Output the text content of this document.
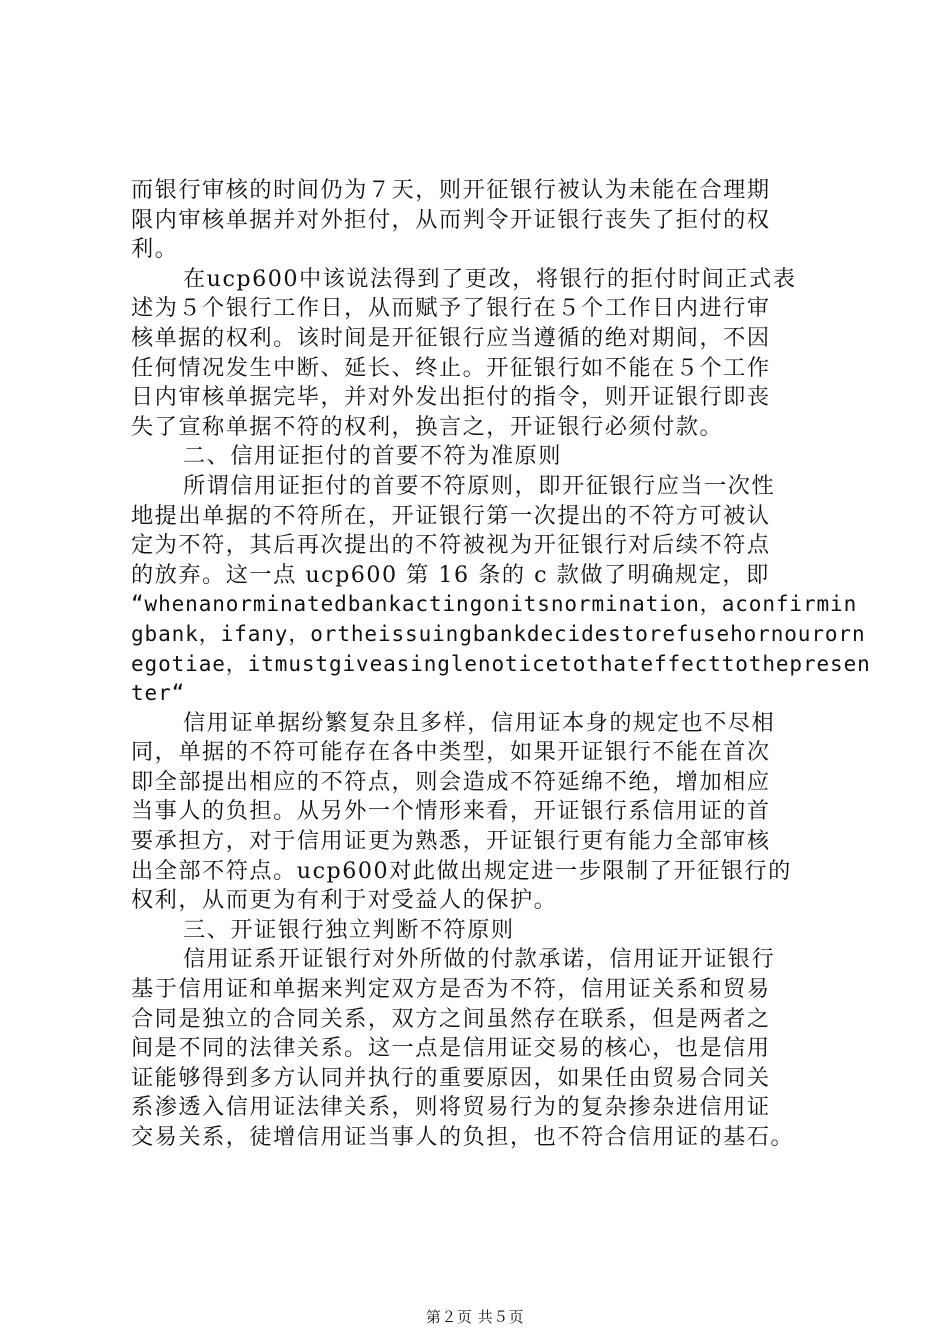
而银行审核的时间仍为７天，则开征银行被认为未能在合理期
限内审核单据并对外拒付，从而判令开证银行丧失了拒付的权
利。
在ucp600中该说法得到了更改，将银行的拒付时间正式表
述为５个银行工作日，从而赋予了银行在５个工作日内进行审
核单据的权利。该时间是开征银行应当遵循的绝对期间，不因
任何情况发生中断、延长、终止。开征银行如不能在５个工作
日内审核单据完毕，并对外发出拒付的指令，则开证银行即丧
失了宣称单据不符的权利，换言之，开证银行必须付款。
二、信用证拒付的首要不符为准原则
所谓信用证拒付的首要不符原则，即开征银行应当一次性
地提出单据的不符所在，开证银行第一次提出的不符方可被认
定为不符，其后再次提出的不符被视为开征银行对后续不符点
的放弃。这一点 ucp600 第 16 条的 c 款做了明确规定，即
“whenanorminatedbankactingonitsnormination，aconfirmin
gbank，ifany，ortheissuingbankdecidestorefusehornourorn
egotiae，itmustgiveasinglenoticetothateffecttothepresen
ter“
信用证单据纷繁复杂且多样，信用证本身的规定也不尽相
同，单据的不符可能存在各中类型，如果开证银行不能在首次
即全部提出相应的不符点，则会造成不符延绵不绝，增加相应
当事人的负担。从另外一个情形来看，开证银行系信用证的首
要承担方，对于信用证更为熟悉，开证银行更有能力全部审核
出全部不符点。ucp600对此做出规定进一步限制了开征银行的
权利，从而更为有利于对受益人的保护。
三、开证银行独立判断不符原则
信用证系开证银行对外所做的付款承诺，信用证开证银行
基于信用证和单据来判定双方是否为不符，信用证关系和贸易
合同是独立的合同关系，双方之间虽然存在联系，但是两者之
间是不同的法律关系。这一点是信用证交易的核心，也是信用
证能够得到多方认同并执行的重要原因，如果任由贸易合同关
系渗透入信用证法律关系，则将贸易行为的复杂掺杂进信用证
交易关系，徒增信用证当事人的负担，也不符合信用证的基石。
第２页 共５页
